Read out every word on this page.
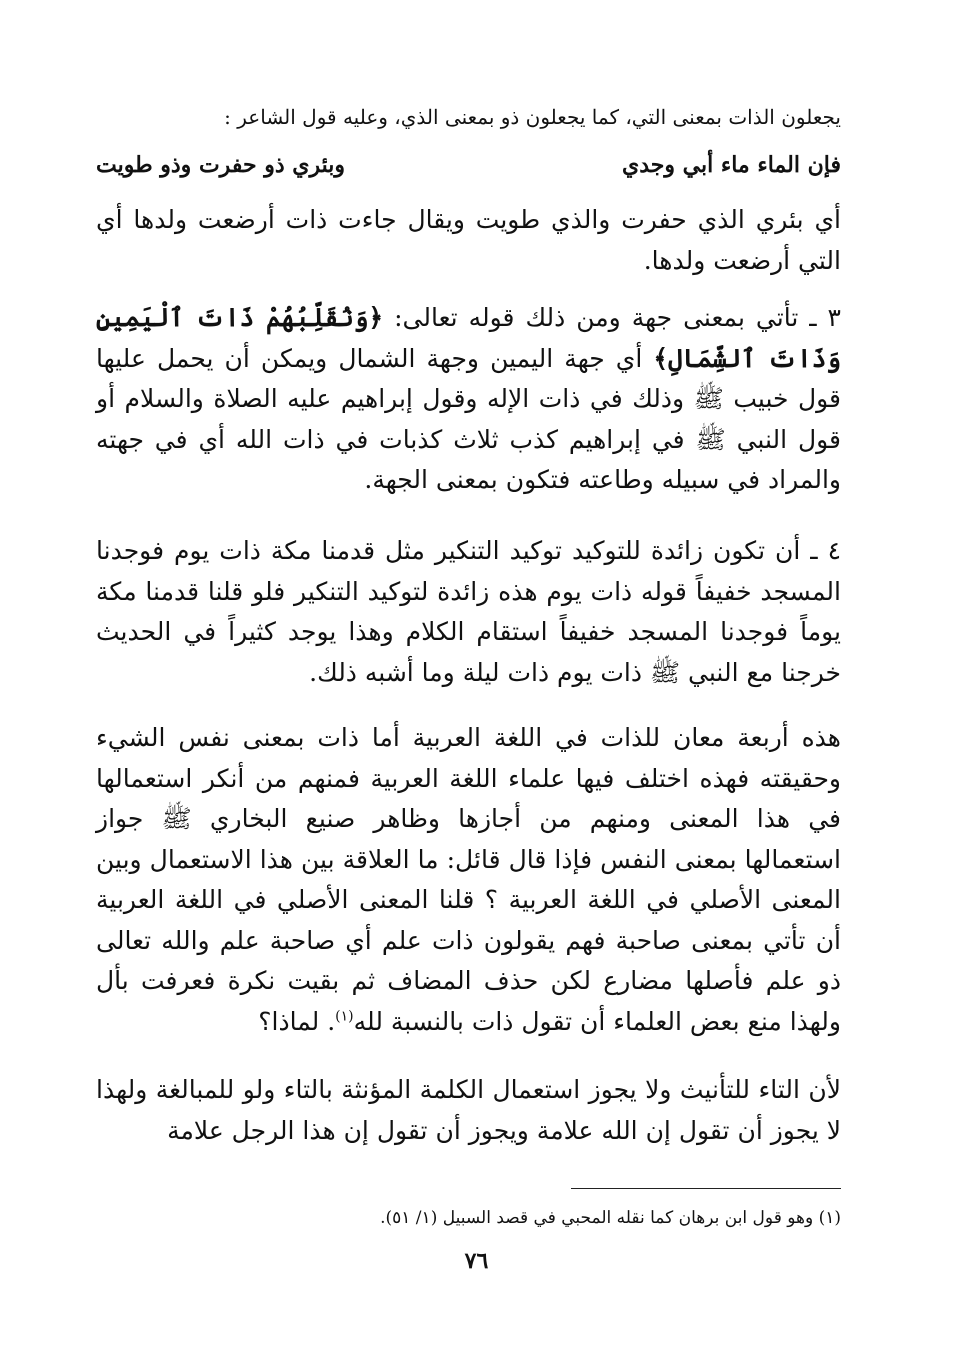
يجعلون الذات بمعنى التي، كما يجعلون ذو بمعنى الذي، وعليه قول الشاعر :
فإن الماء ماء أبي وجدي
وبئري ذو حفرت وذو طويت
أي بئري الذي حفرت والذي طويت ويقال جاءت ذات أرضعت ولدها أي التي أرضعت ولدها.
٣ ـ تأتي بمعنى جهة ومن ذلك قوله تعالى: ﴿وَنُقَلِّبُهُمْ ذَاتَ ٱلْيَمِينِ وَذَاتَ ٱلشِّمَالِ﴾ أي جهة اليمين وجهة الشمال ويمكن أن يحمل عليها قول خبيب ﷺ وذلك في ذات الإله وقول إبراهيم عليه الصلاة والسلام أو قول النبي ﷺ في إبراهيم كذب ثلاث كذبات في ذات الله أي في جهته والمراد في سبيله وطاعته فتكون بمعنى الجهة.
٤ ـ أن تكون زائدة للتوكيد توكيد التنكير مثل قدمنا مكة ذات يوم فوجدنا المسجد خفيفاً قوله ذات يوم هذه زائدة لتوكيد التنكير فلو قلنا قدمنا مكة يوماً فوجدنا المسجد خفيفاً استقام الكلام وهذا يوجد كثيراً في الحديث خرجنا مع النبي ﷺ ذات يوم ذات ليلة وما أشبه ذلك.
هذه أربعة معان للذات في اللغة العربية أما ذات بمعنى نفس الشيء وحقيقته فهذه اختلف فيها علماء اللغة العربية فمنهم من أنكر استعمالها في هذا المعنى ومنهم من أجازها وظاهر صنيع البخاري ﷺ جواز استعمالها بمعنى النفس فإذا قال قائل: ما العلاقة بين هذا الاستعمال وبين المعنى الأصلي في اللغة العربية ؟ قلنا المعنى الأصلي في اللغة العربية أن تأتي بمعنى صاحبة فهم يقولون ذات علم أي صاحبة علم والله تعالى ذو علم فأصلها مضارع لكن حذف المضاف ثم بقيت نكرة فعرفت بأل ولهذا منع بعض العلماء أن تقول ذات بالنسبة لله$^{(١)}$. لماذا؟
لأن التاء للتأنيث ولا يجوز استعمال الكلمة المؤنثة بالتاء ولو للمبالغة ولهذا لا يجوز أن تقول إن الله علامة ويجوز أن تقول إن هذا الرجل علامة
(١) وهو قول ابن برهان كما نقله المحبي في قصد السبيل (١/ ٥١).
٧٦
